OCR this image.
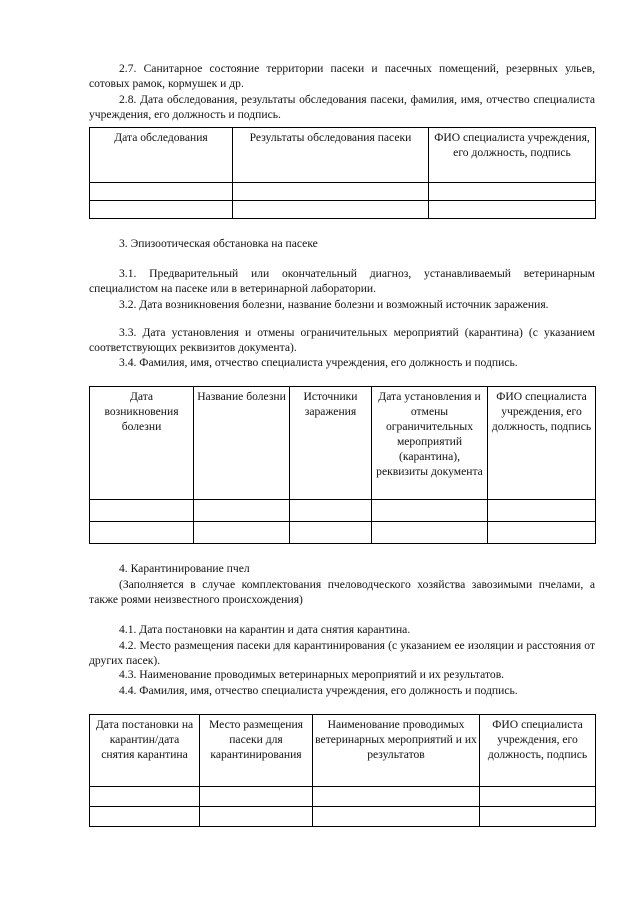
2.7. Санитарное состояние территории пасеки и пасечных помещений, резервных ульев, сотовых рамок, кормушек и др.

2.8. Дата обследования, результаты обследования пасеки, фамилия, имя, отчество специалиста учреждения, его должность и подпись.

Дата обследования	Результаты обследования пасеки	ФИО специалиста учреждения, его должность, подпись

3. Эпизоотическая обстановка на пасеке

3.1. Предварительный или окончательный диагноз, устанавливаемый ветеринарным специалистом на пасеке или в ветеринарной лаборатории.

3.2. Дата возникновения болезни, название болезни и возможный источник заражения.

3.3. Дата установления и отмены ограничительных мероприятий (карантина) (с указанием соответствующих реквизитов документа).

3.4. Фамилия, имя, отчество специалиста учреждения, его должность и подпись.

Дата возникновения болезни	Название болезни	Источники заражения	Дата установления и отмены ограничительных мероприятий (карантина), реквизиты документа	ФИО специалиста учреждения, его должность, подпись

4. Карантинирование пчел

(Заполняется в случае комплектования пчеловодческого хозяйства завозимыми пчелами, а также роями неизвестного происхождения)

4.1. Дата постановки на карантин и дата снятия карантина.

4.2. Место размещения пасеки для карантинирования (с указанием ее изоляции и расстояния от других пасек).

4.3. Наименование проводимых ветеринарных мероприятий и их результатов.

4.4. Фамилия, имя, отчество специалиста учреждения, его должность и подпись.

Дата постановки на карантин/дата снятия карантина	Место размещения пасеки для карантинирования	Наименование проводимых ветеринарных мероприятий и их результатов	ФИО специалиста учреждения, его должность, подпись
